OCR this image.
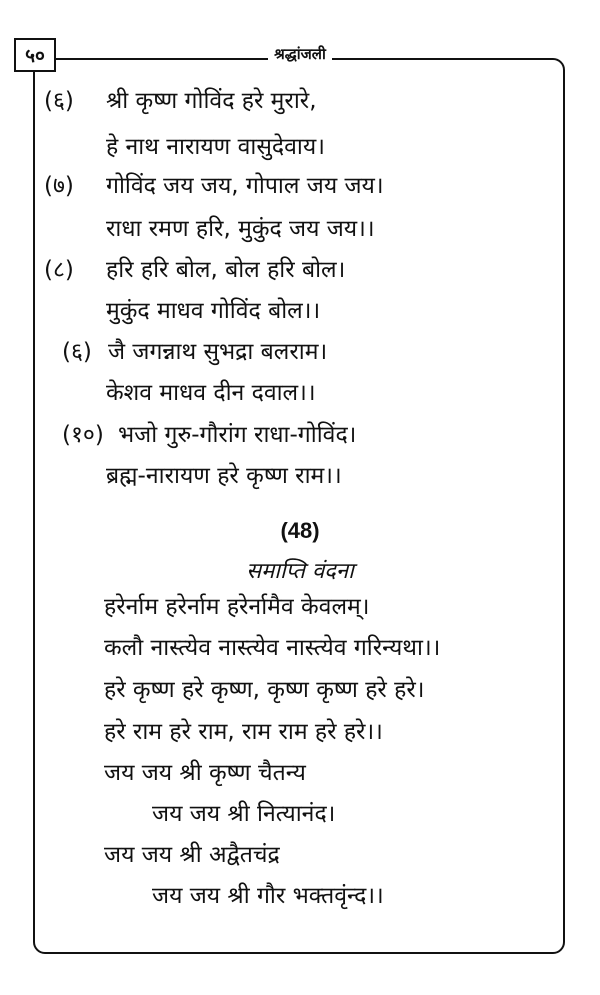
श्रद्धांजली
५०
(६) श्री कृष्ण गोविंद हरे मुरारे,
हे नाथ नारायण वासुदेवाय।
(७) गोविंद जय जय, गोपाल जय जय।
राधा रमण हरि, मुकुंद जय जय।।
(८) हरि हरि बोल, बोल हरि बोल।
मुकुंद माधव गोविंद बोल।।
(६) जै जगन्नाथ सुभद्रा बलराम।
केशव माधव दीन दवाल।।
(१०) भजो गुरु-गौरांग राधा-गोविंद।
ब्रह्म-नारायण हरे कृष्ण राम।।
(48)
समाप्ति वंदना
हरेर्नाम हरेर्नाम हरेर्नामैव केवलम्।
कलौ नास्त्येव नास्त्येव नास्त्येव गरिन्यथा।।
हरे कृष्ण हरे कृष्ण, कृष्ण कृष्ण हरे हरे।
हरे राम हरे राम, राम राम हरे हरे।।
जय जय श्री कृष्ण चैतन्य
जय जय श्री नित्यानंद।
जय जय श्री अद्वैतचंद्र
जय जय श्री गौर भक्तवृंन्द।।
